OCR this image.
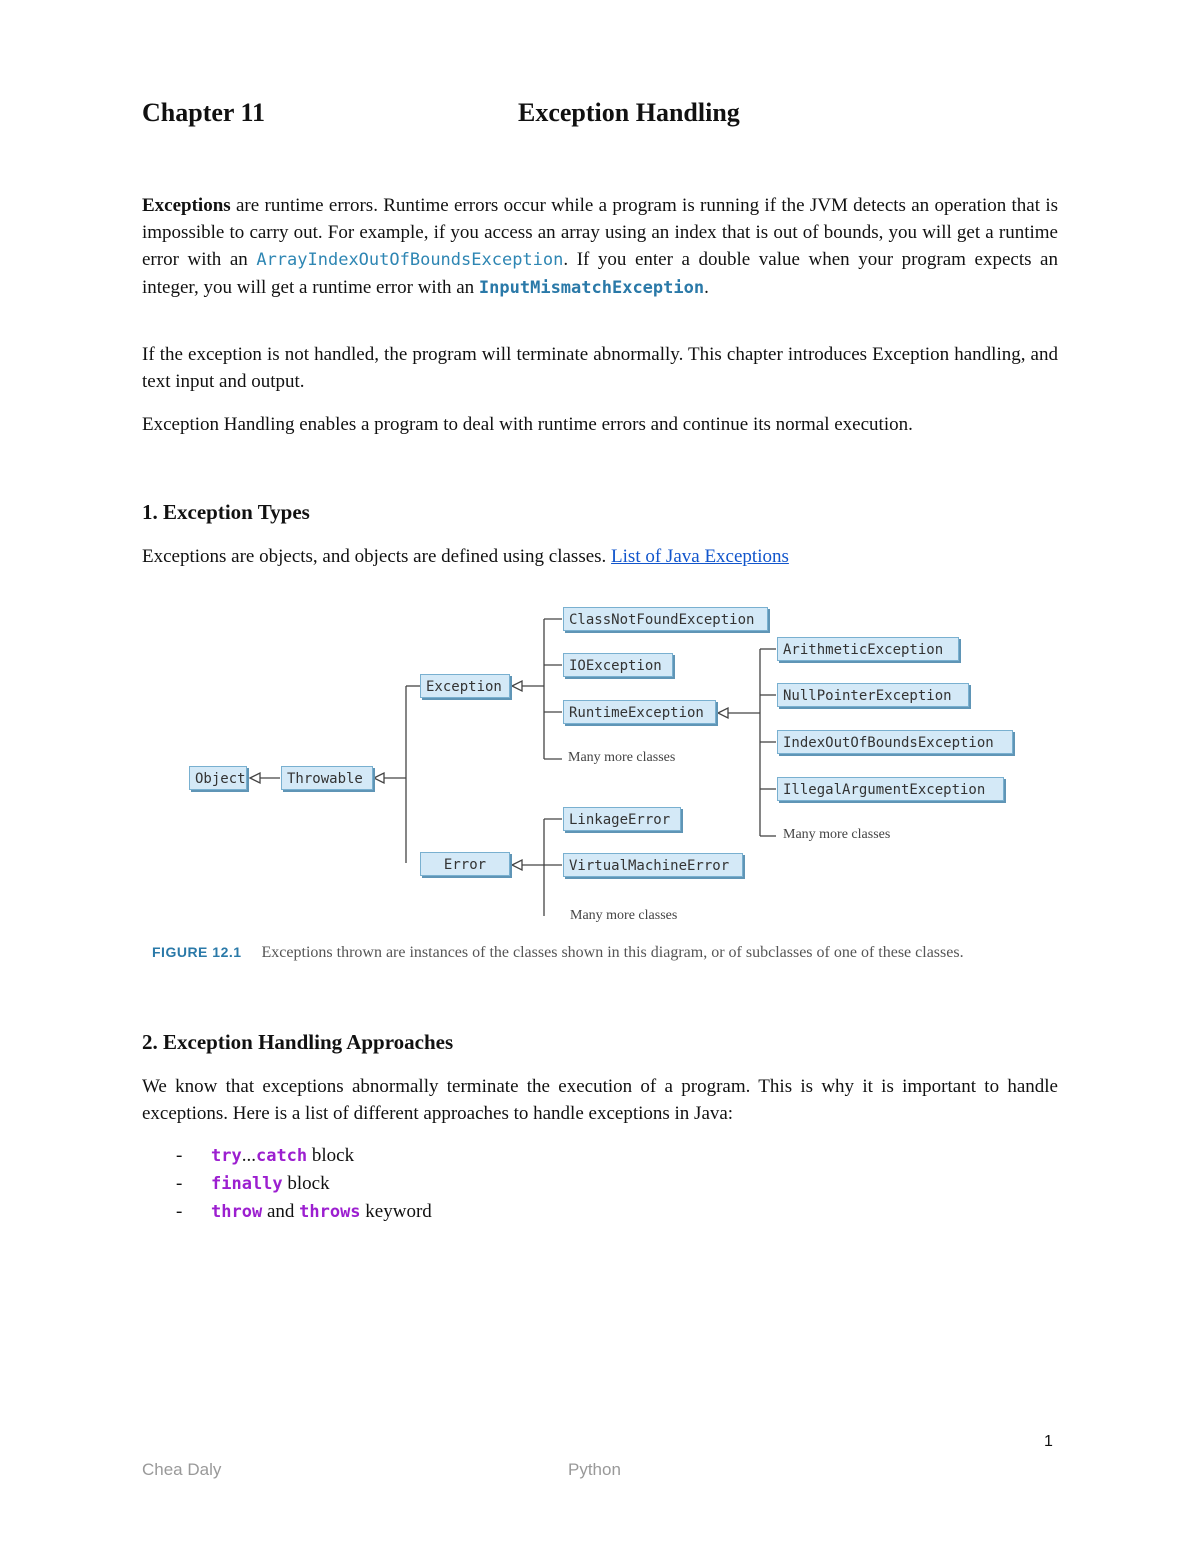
Chapter 11	Exception Handling

Exceptions are runtime errors. Runtime errors occur while a program is running if the JVM detects an operation that is impossible to carry out. For example, if you access an array using an index that is out of bounds, you will get a runtime error with an ArrayIndexOutOfBoundsException. If you enter a double value when your program expects an integer, you will get a runtime error with an InputMismatchException.

If the exception is not handled, the program will terminate abnormally. This chapter introduces Exception handling, and text input and output.

Exception Handling enables a program to deal with runtime errors and continue its normal execution.

1. Exception Types

Exceptions are objects, and objects are defined using classes. List of Java Exceptions

Object	Throwable
Exception
Error
ClassNotFoundException
IOException
RuntimeException
Many more classes
LinkageError
VirtualMachineError
Many more classes
ArithmeticException
NullPointerException
IndexOutOfBoundsException
IllegalArgumentException
Many more classes
FIGURE 12.1 Exceptions thrown are instances of the classes shown in this diagram, or of subclasses of one of these classes.
2. Exception Handling Approaches

We know that exceptions abnormally terminate the execution of a program. This is why it is important to handle exceptions. Here is a list of different approaches to handle exceptions in Java:

- try...catch block
- finally block
- throw and throws keyword
1
Chea Daly	Python
